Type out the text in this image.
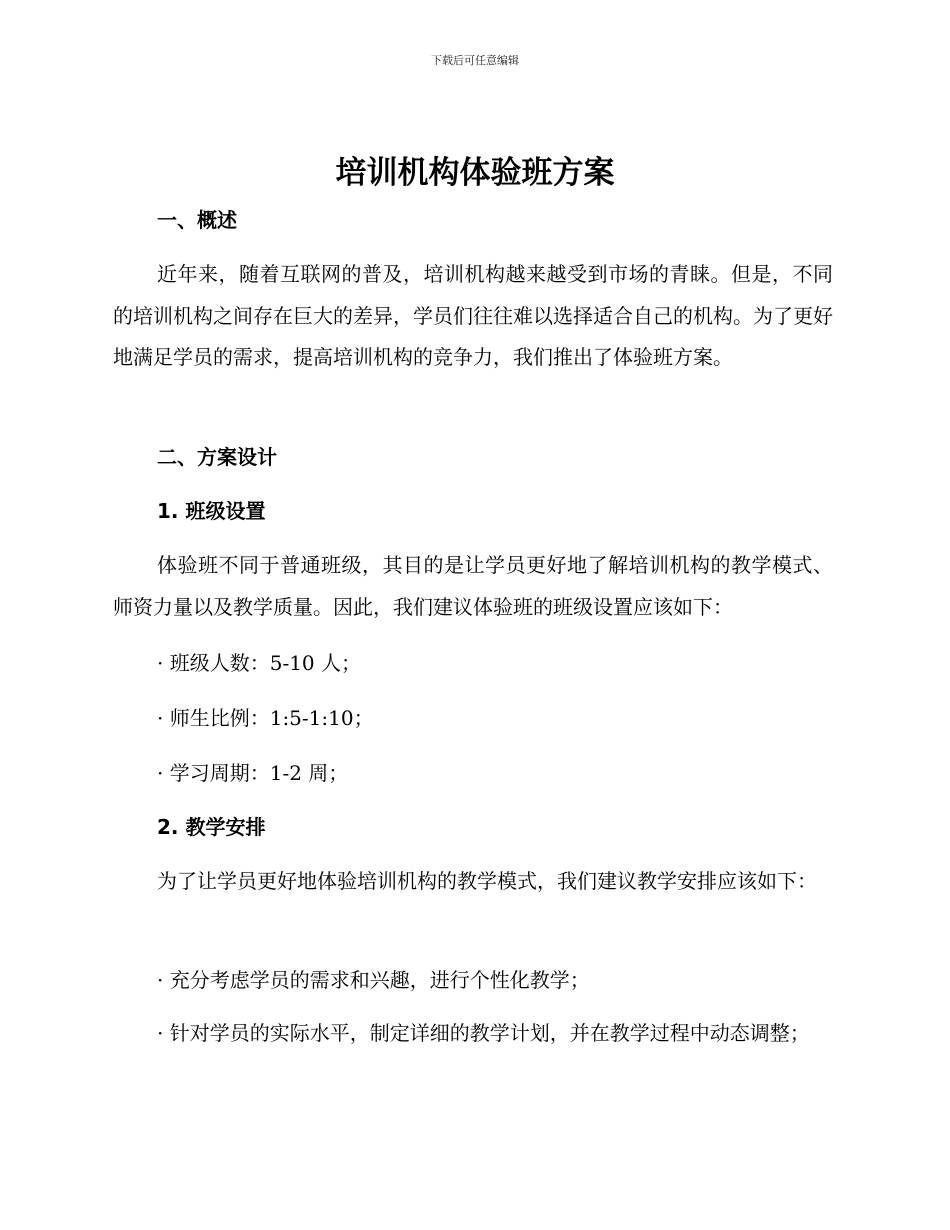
下载后可任意编辑
培训机构体验班方案
一、概述
近年来，随着互联网的普及，培训机构越来越受到市场的青睐。但是，不同的培训机构之间存在巨大的差异，学员们往往难以选择适合自己的机构。为了更好地满足学员的需求，提高培训机构的竞争力，我们推出了体验班方案。
二、方案设计
1. 班级设置
体验班不同于普通班级，其目的是让学员更好地了解培训机构的教学模式、师资力量以及教学质量。因此，我们建议体验班的班级设置应该如下：
· 班级人数：5-10 人；
· 师生比例：1:5-1:10；
· 学习周期：1-2 周；
2. 教学安排
为了让学员更好地体验培训机构的教学模式，我们建议教学安排应该如下：
· 充分考虑学员的需求和兴趣，进行个性化教学；
· 针对学员的实际水平，制定详细的教学计划，并在教学过程中动态调整；
